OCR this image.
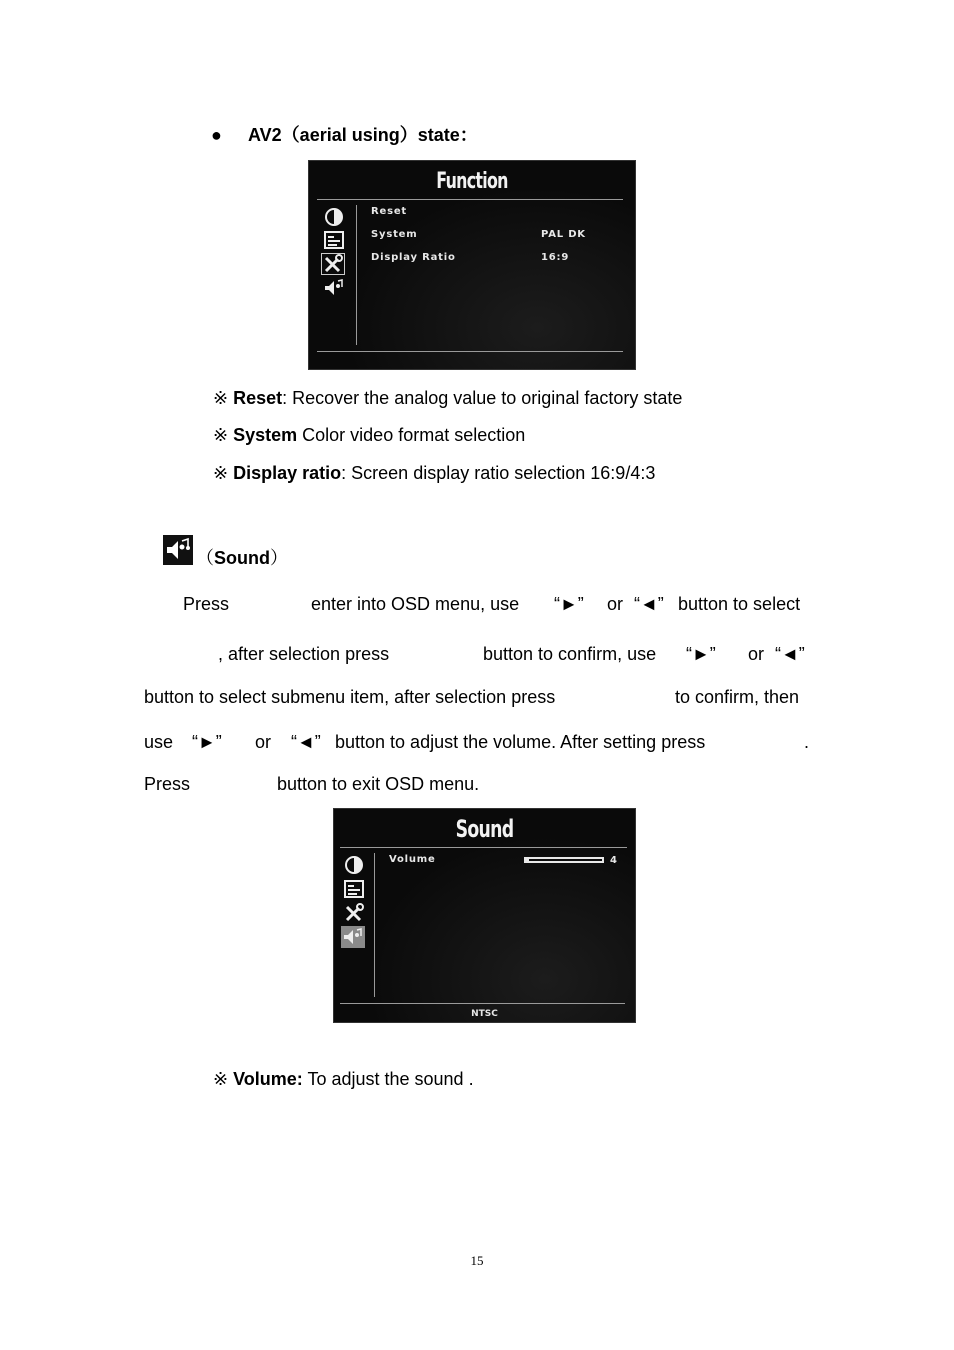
● AV2（aerial using）state：
Function
Reset
System	PAL DK
Display Ratio	16:9
※ Reset: Recover the analog value to original factory state
※ System Color video format selection
※ Display ratio: Screen display ratio selection 16:9/4:3
（Sound）
Press	enter into OSD menu, use “►” or “◄” button to select
, after selection press	button to confirm, use “►” or “◄”
button to select submenu item, after selection press	to confirm, then
use “►” or “◄” button to adjust the volume. After setting press	.
Press	button to exit OSD menu.
Sound
Volume	4
NTSC
※ Volume: To adjust the sound .
15
